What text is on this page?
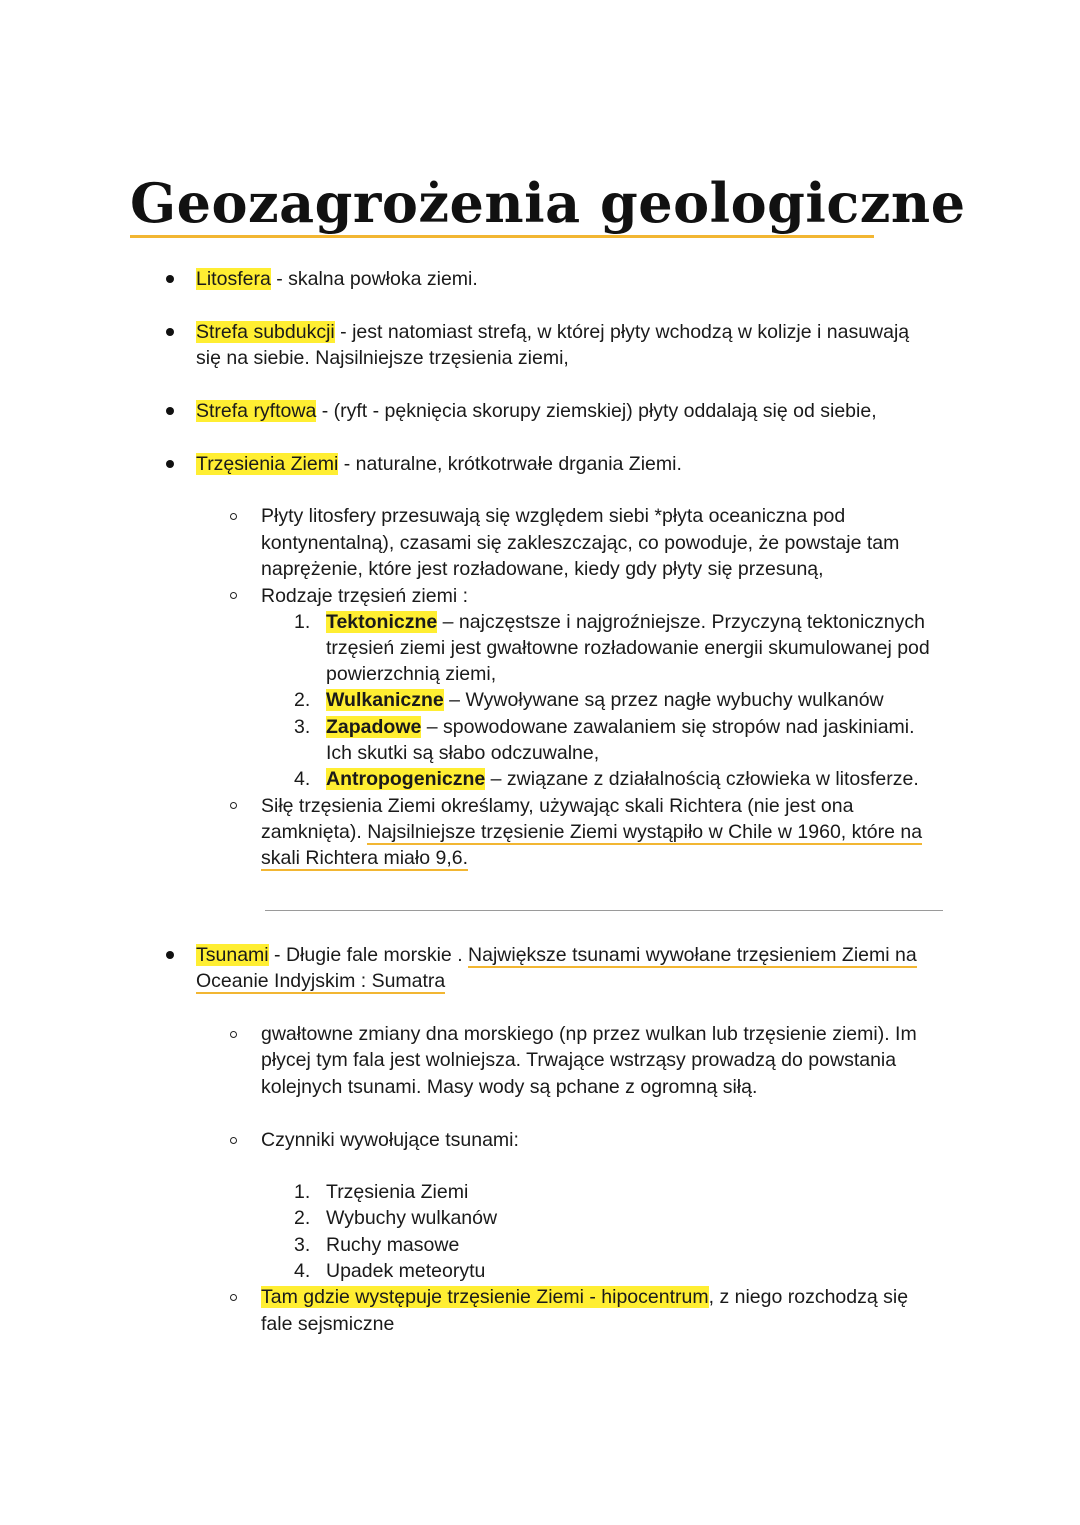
Geozagrożenia geologiczne
Litosfera - skalna powłoka ziemi.
Strefa subdukcji - jest natomiast strefą, w której płyty wchodzą w kolizje i nasuwają
się na siebie. Najsilniejsze trzęsienia ziemi,
Strefa ryftowa - (ryft - pęknięcia skorupy ziemskiej) płyty oddalają się od siebie,
Trzęsienia Ziemi - naturalne, krótkotrwałe drgania Ziemi.
Płyty litosfery przesuwają się względem siebi *płyta oceaniczna pod
kontynentalną), czasami się zakleszczając, co powoduje, że powstaje tam
naprężenie, które jest rozładowane, kiedy gdy płyty się przesuną,
Rodzaje trzęsień ziemi :
1. Tektoniczne – najczęstsze i najgroźniejsze. Przyczyną tektonicznych
trzęsień ziemi jest gwałtowne rozładowanie energii skumulowanej pod
powierzchnią ziemi,
2. Wulkaniczne – Wywoływane są przez nagłe wybuchy wulkanów
3. Zapadowe – spowodowane zawalaniem się stropów nad jaskiniami.
Ich skutki są słabo odczuwalne,
4. Antropogeniczne – związane z działalnością człowieka w litosferze.
Siłę trzęsienia Ziemi określamy, używając skali Richtera (nie jest ona
zamknięta). Najsilniejsze trzęsienie Ziemi wystąpiło w Chile w 1960, które na
skali Richtera miało 9,6.
Tsunami - Długie fale morskie . Największe tsunami wywołane trzęsieniem Ziemi na
Oceanie Indyjskim : Sumatra
gwałtowne zmiany dna morskiego (np przez wulkan lub trzęsienie ziemi). Im
płycej tym fala jest wolniejsza. Trwające wstrząsy prowadzą do powstania
kolejnych tsunami. Masy wody są pchane z ogromną siłą.
Czynniki wywołujące tsunami:
1. Trzęsienia Ziemi
2. Wybuchy wulkanów
3. Ruchy masowe
4. Upadek meteorytu
Tam gdzie występuje trzęsienie Ziemi - hipocentrum, z niego rozchodzą się
fale sejsmiczne
